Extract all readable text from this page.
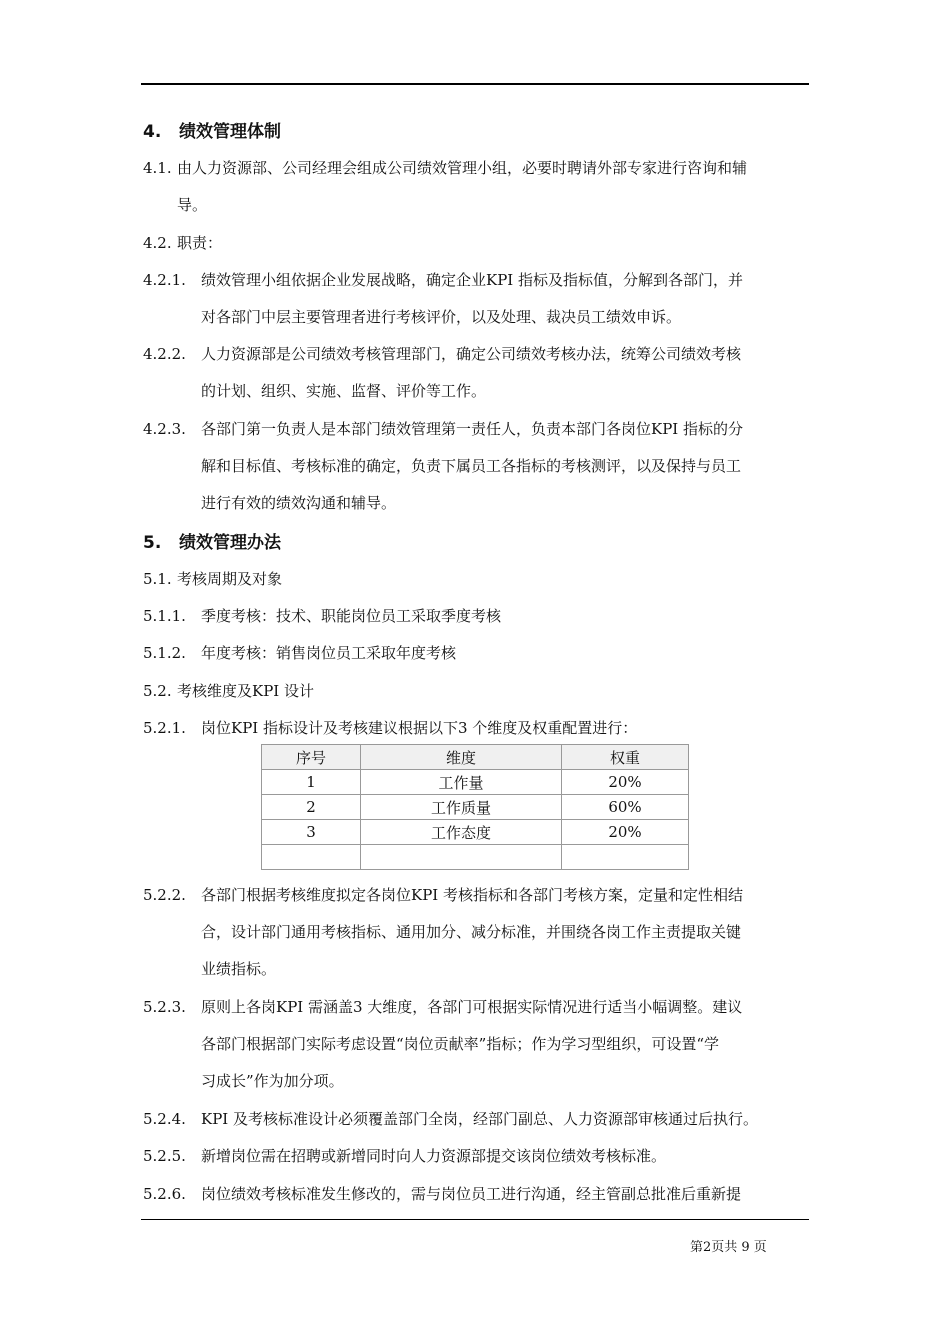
4. 绩效管理体制
4.1. 由人力资源部、公司经理会组成公司绩效管理小组，必要时聘请外部专家进行咨询和辅
导。
4.2. 职责：
4.2.1. 绩效管理小组依据企业发展战略，确定企业KPI 指标及指标值，分解到各部门，并
对各部门中层主要管理者进行考核评价，以及处理、裁决员工绩效申诉。
4.2.2. 人力资源部是公司绩效考核管理部门，确定公司绩效考核办法，统筹公司绩效考核
的计划、组织、实施、监督、评价等工作。
4.2.3. 各部门第一负责人是本部门绩效管理第一责任人，负责本部门各岗位KPI 指标的分
解和目标值、考核标准的确定，负责下属员工各指标的考核测评，以及保持与员工
进行有效的绩效沟通和辅导。
5. 绩效管理办法
5.1. 考核周期及对象
5.1.1. 季度考核：技术、职能岗位员工采取季度考核
5.1.2. 年度考核：销售岗位员工采取年度考核
5.2. 考核维度及KPI 设计
5.2.1. 岗位KPI 指标设计及考核建议根据以下3 个维度及权重配置进行：
序号	维度	权重
1	工作量	20%
2	工作质量	60%
3	工作态度	20%

5.2.2. 各部门根据考核维度拟定各岗位KPI 考核指标和各部门考核方案，定量和定性相结
合，设计部门通用考核指标、通用加分、减分标准，并围绕各岗工作主责提取关键
业绩指标。
5.2.3. 原则上各岗KPI 需涵盖3 大维度，各部门可根据实际情况进行适当小幅调整。建议
各部门根据部门实际考虑设置“岗位贡献率”指标；作为学习型组织，可设置“学
习成长”作为加分项。
5.2.4. KPI 及考核标准设计必须覆盖部门全岗，经部门副总、人力资源部审核通过后执行。
5.2.5. 新增岗位需在招聘或新增同时向人力资源部提交该岗位绩效考核标准。
5.2.6. 岗位绩效考核标准发生修改的，需与岗位员工进行沟通，经主管副总批准后重新提
第2页共 9 页
